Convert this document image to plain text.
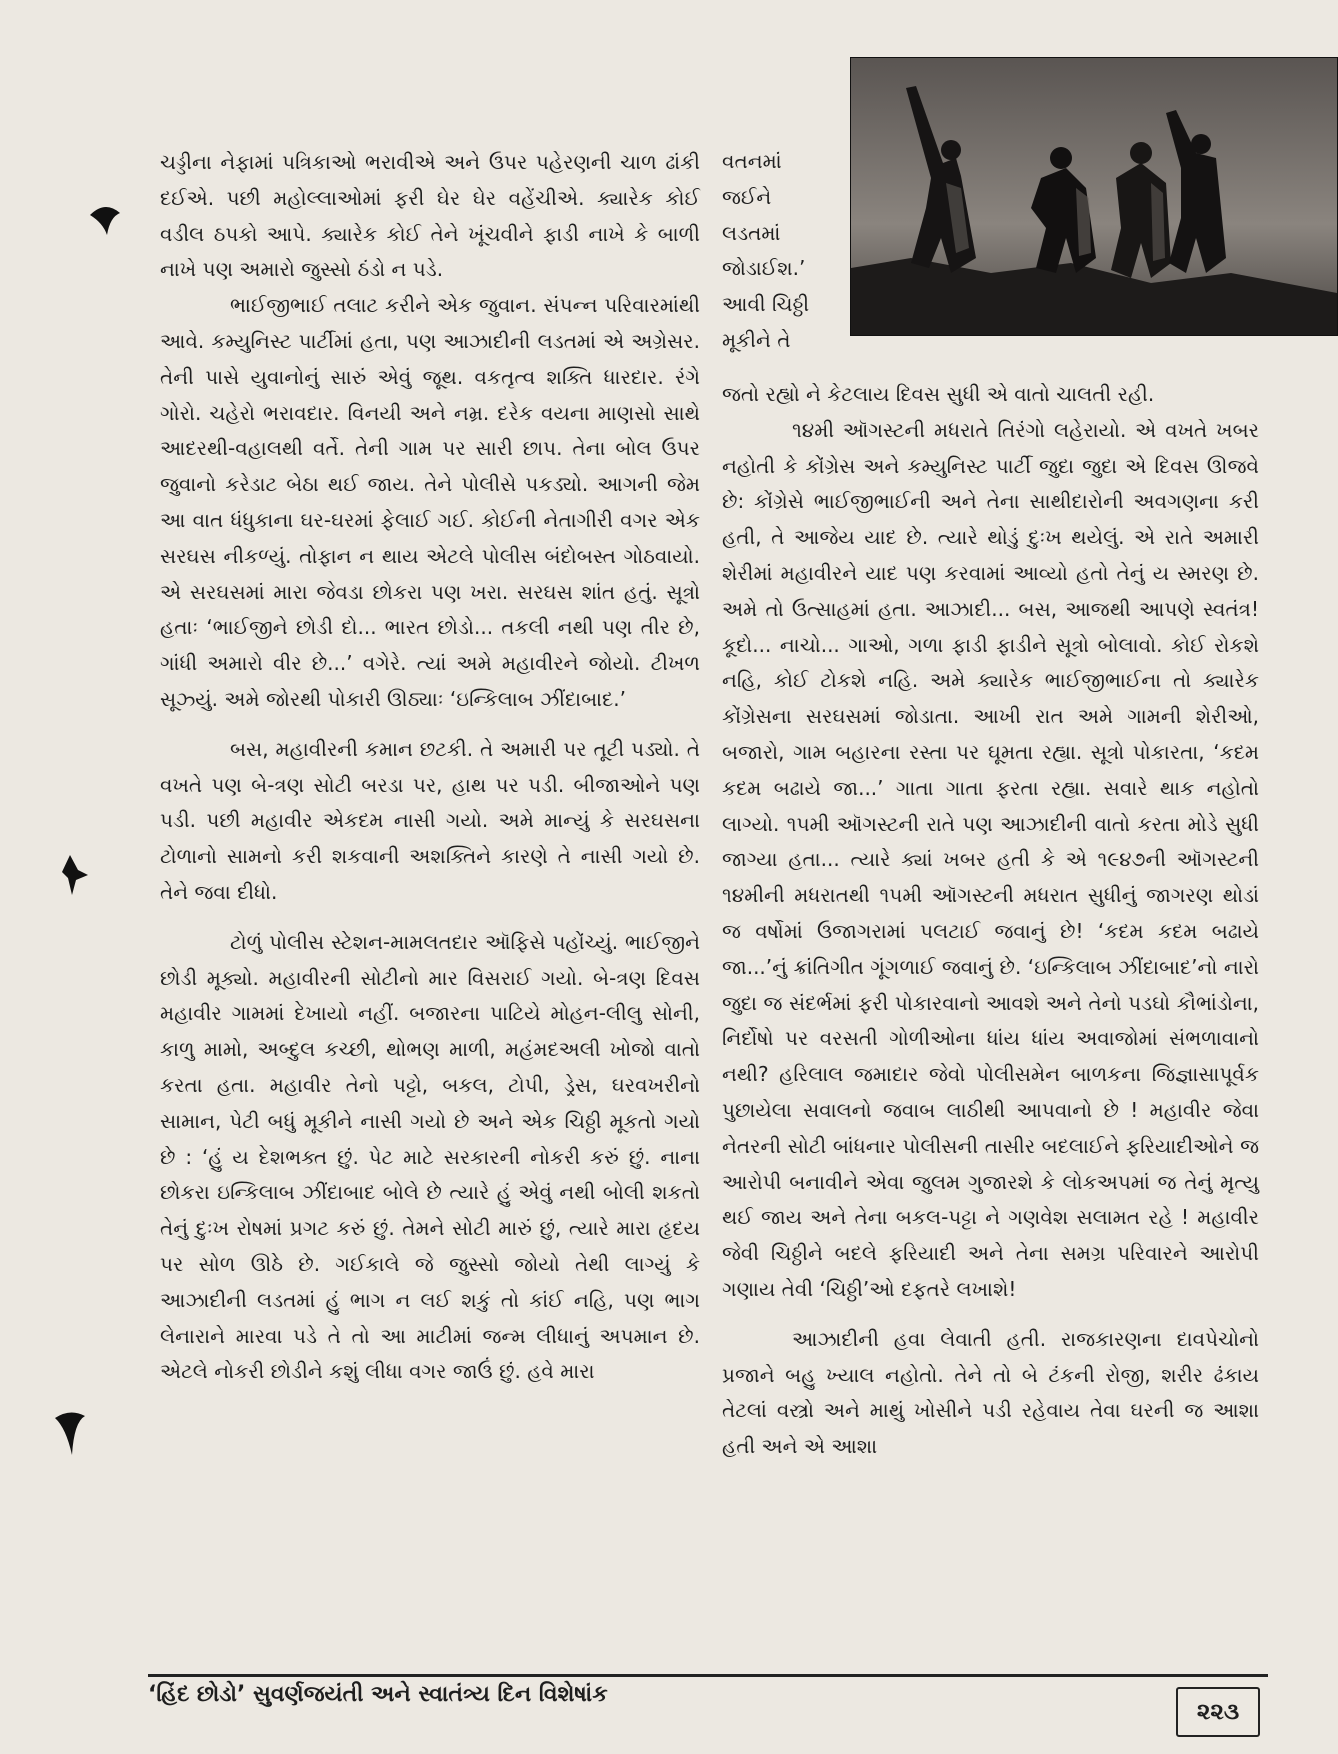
ચડ્ડીના નેફામાં પત્રિકાઓ ભરાવીએ અને ઉપર પહેરણની ચાળ ઢાંકી દઈએ. પછી મહોલ્લાઓમાં ફરી ઘેર ઘેર વહેંચીએ. ક્યારેક કોઈ વડીલ ઠપકો આપે. ક્યારેક કોઈ તેને ખૂંચવીને ફાડી નાખે કે બાળી નાખે પણ અમારો જુસ્સો ઠંડો ન પડે.

ભાઈજીભાઈ તલાટ કરીને એક જુવાન. સંપન્ન પરિવારમાંથી આવે. કમ્યુનિસ્ટ પાર્ટીમાં હતા, પણ આઝાદીની લડતમાં એ અગ્રેસર. તેની પાસે યુવાનોનું સારું એવું જૂથ. વકતૃત્વ શક્તિ ધારદાર. રંગે ગોરો. ચહેરો ભરાવદાર. વિનયી અને નમ્ર. દરેક વયના માણસો સાથે આદરથી-વહાલથી વર્તે. તેની ગામ પર સારી છાપ. તેના બોલ ઉપર જુવાનો કરેડાટ બેઠા થઈ જાય. તેને પોલીસે પકડ્યો. આગની જેમ આ વાત ધંધુકાના ઘર-ઘરમાં ફેલાઈ ગઈ. કોઈની નેતાગીરી વગર એક સરઘસ નીકળ્યું. તોફાન ન થાય એટલે પોલીસ બંદોબસ્ત ગોઠવાયો. એ સરઘસમાં મારા જેવડા છોકરા પણ ખરા. સરઘસ શાંત હતું. સૂત્રો હતાઃ ‘ભાઈજીને છોડી દો... ભારત છોડો... તકલી નથી પણ તીર છે, ગાંધી અમારો વીર છે...’ વગેરે. ત્યાં અમે મહાવીરને જોયો. ટીખળ સૂઝ્યું. અમે જોરથી પોકારી ઊઠ્યાઃ ‘ઇન્કિલાબ ઝીંદાબાદ.’

બસ, મહાવીરની કમાન છટકી. તે અમારી પર તૂટી પડ્યો. તે વખતે પણ બે-ત્રણ સોટી બરડા પર, હાથ પર પડી. બીજાઓને પણ પડી. પછી મહાવીર એકદમ નાસી ગયો. અમે માન્યું કે સરઘસના ટોળાનો સામનો કરી શકવાની અશક્તિને કારણે તે નાસી ગયો છે. તેને જવા દીધો.

ટોળું પોલીસ સ્ટેશન-મામલતદાર ઑફિસે પહોંચ્યું. ભાઈજીને છોડી મૂક્યો. મહાવીરની સોટીનો માર વિસરાઈ ગયો. બે-ત્રણ દિવસ મહાવીર ગામમાં દેખાયો નહીં. બજારના પાટિયે મોહન-લીલુ સોની, કાળુ મામો, અબ્દુલ કચ્છી, થોભણ માળી, મહંમદઅલી ખોજો વાતો કરતા હતા. મહાવીર તેનો પટ્ટો, બકલ, ટોપી, ડ્રેસ, ઘરવખરીનો સામાન, પેટી બધું મૂકીને નાસી ગયો છે અને એક ચિઠ્ઠી મૂકતો ગયો છે : ‘હું ય દેશભક્ત છું. પેટ માટે સરકારની નોકરી કરું છું. નાના છોકરા ઇન્કિલાબ ઝીંદાબાદ બોલે છે ત્યારે હું એવું નથી બોલી શકતો તેનું દુઃખ રોષમાં પ્રગટ કરું છું. તેમને સોટી મારું છું, ત્યારે મારા હૃદય પર સોળ ઊઠે છે. ગઈકાલે જે જુસ્સો જોયો તેથી લાગ્યું કે આઝાદીની લડતમાં હું ભાગ ન લઈ શકું તો કાંઈ નહિ, પણ ભાગ લેનારાને મારવા પડે તે તો આ માટીમાં જન્મ લીધાનું અપમાન છે. એટલે નોકરી છોડીને કશું લીધા વગર જાઉં છું. હવે મારા

વતનમાં
જઈને
લડતમાં
જોડાઈશ.’
આવી ચિઠ્ઠી
મૂકીને તે

જતો રહ્યો ને કેટલાય દિવસ સુધી એ વાતો ચાલતી રહી.

૧૪મી ઑગસ્ટની મધરાતે તિરંગો લહેરાયો. એ વખતે ખબર નહોતી કે કોંગ્રેસ અને કમ્યુનિસ્ટ પાર્ટી જુદા જુદા એ દિવસ ઊજવે છે: કોંગ્રેસે ભાઈજીભાઈની અને તેના સાથીદારોની અવગણના કરી હતી, તે આજેય યાદ છે. ત્યારે થોડું દુઃખ થયેલું. એ રાતે અમારી શેરીમાં મહાવીરને યાદ પણ કરવામાં આવ્યો હતો તેનું ય સ્મરણ છે. અમે તો ઉત્સાહમાં હતા. આઝાદી... બસ, આજથી આપણે સ્વતંત્ર! કૂદો... નાચો... ગાઓ, ગળા ફાડી ફાડીને સૂત્રો બોલાવો. કોઈ રોકશે નહિ, કોઈ ટોકશે નહિ. અમે ક્યારેક ભાઈજીભાઈના તો ક્યારેક કોંગ્રેસના સરઘસમાં જોડાતા. આખી રાત અમે ગામની શેરીઓ, બજારો, ગામ બહારના રસ્તા પર ઘૂમતા રહ્યા. સૂત્રો પોકારતા, ‘કદમ કદમ બઢાયે જા...’ ગાતા ગાતા ફરતા રહ્યા. સવારે થાક નહોતો લાગ્યો. ૧૫મી ઑગસ્ટની રાતે પણ આઝાદીની વાતો કરતા મોડે સુધી જાગ્યા હતા... ત્યારે ક્યાં ખબર હતી કે એ ૧૯૪૭ની ઑગસ્ટની ૧૪મીની મધરાતથી ૧૫મી ઑગસ્ટની મધરાત સુધીનું જાગરણ થોડાં જ વર્ષોમાં ઉજાગરામાં પલટાઈ જવાનું છે! ‘કદમ કદમ બઢાયે જા...’નું ક્રાંતિગીત ગૂંગળાઈ જવાનું છે. ‘ઇન્કિલાબ ઝીંદાબાદ’નો નારો જુદા જ સંદર્ભમાં ફરી પોકારવાનો આવશે અને તેનો પડઘો કૌભાંડોના, નિર્દોષો પર વરસતી ગોળીઓના ધાંય ધાંય અવાજોમાં સંભળાવાનો નથી? હરિલાલ જમાદાર જેવો પોલીસમેન બાળકના જિજ્ઞાસાપૂર્વક પુછાયેલા સવાલનો જવાબ લાઠીથી આપવાનો છે ! મહાવીર જેવા નેતરની સોટી બાંધનાર પોલીસની તાસીર બદલાઈને ફરિયાદીઓને જ આરોપી બનાવીને એવા જુલમ ગુજારશે કે લોકઅપમાં જ તેનું મૃત્યુ થઈ જાય અને તેના બકલ-પટ્ટા ને ગણવેશ સલામત રહે ! મહાવીર જેવી ચિઠ્ઠીને બદલે ફરિયાદી અને તેના સમગ્ર પરિવારને આરોપી ગણાય તેવી ‘ચિઠ્ઠી’ઓ દફતરે લખાશે!

આઝાદીની હવા લેવાતી હતી. રાજકારણના દાવપેચોનો પ્રજાને બહુ ખ્યાલ નહોતો. તેને તો બે ટંકની રોજી, શરીર ઢંકાય તેટલાં વસ્ત્રો અને માથું ખોસીને પડી રહેવાય તેવા ઘરની જ આશા હતી અને એ આશા

‘હિંદ છોડો’ સુવર્ણજયંતી અને સ્વાતંત્ર્ય દિન વિશેષાંક
૨૨૩
